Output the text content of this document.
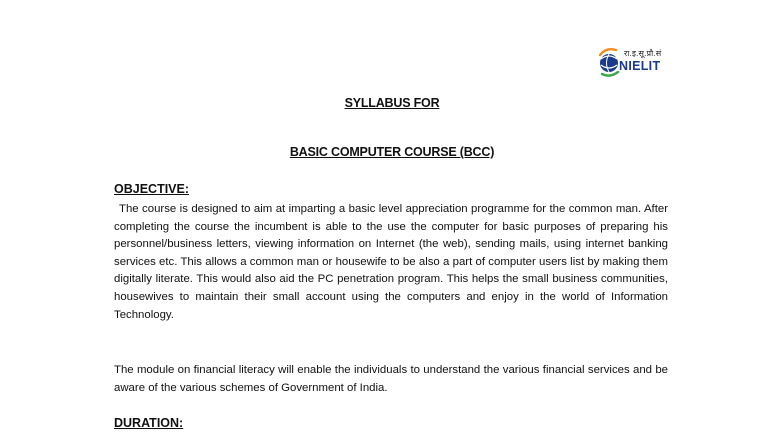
रा.इ.सू.प्रौ.सं
NIELIT
SYLLABUS FOR
BASIC COMPUTER COURSE (BCC)
OBJECTIVE:

The course is designed to aim at imparting a basic level appreciation programme for the common man. After completing the course the incumbent is able to the use the computer for basic purposes of preparing his personnel/business letters, viewing information on Internet (the web), sending mails, using internet banking services etc. This allows a common man or housewife to be also a part of computer users list by making them digitally literate. This would also aid the PC penetration program. This helps the small business communities, housewives to maintain their small account using the computers and enjoy in the world of Information Technology.

The module on financial literacy will enable the individuals to understand the various financial services and be aware of the various schemes of Government of India.

DURATION:
